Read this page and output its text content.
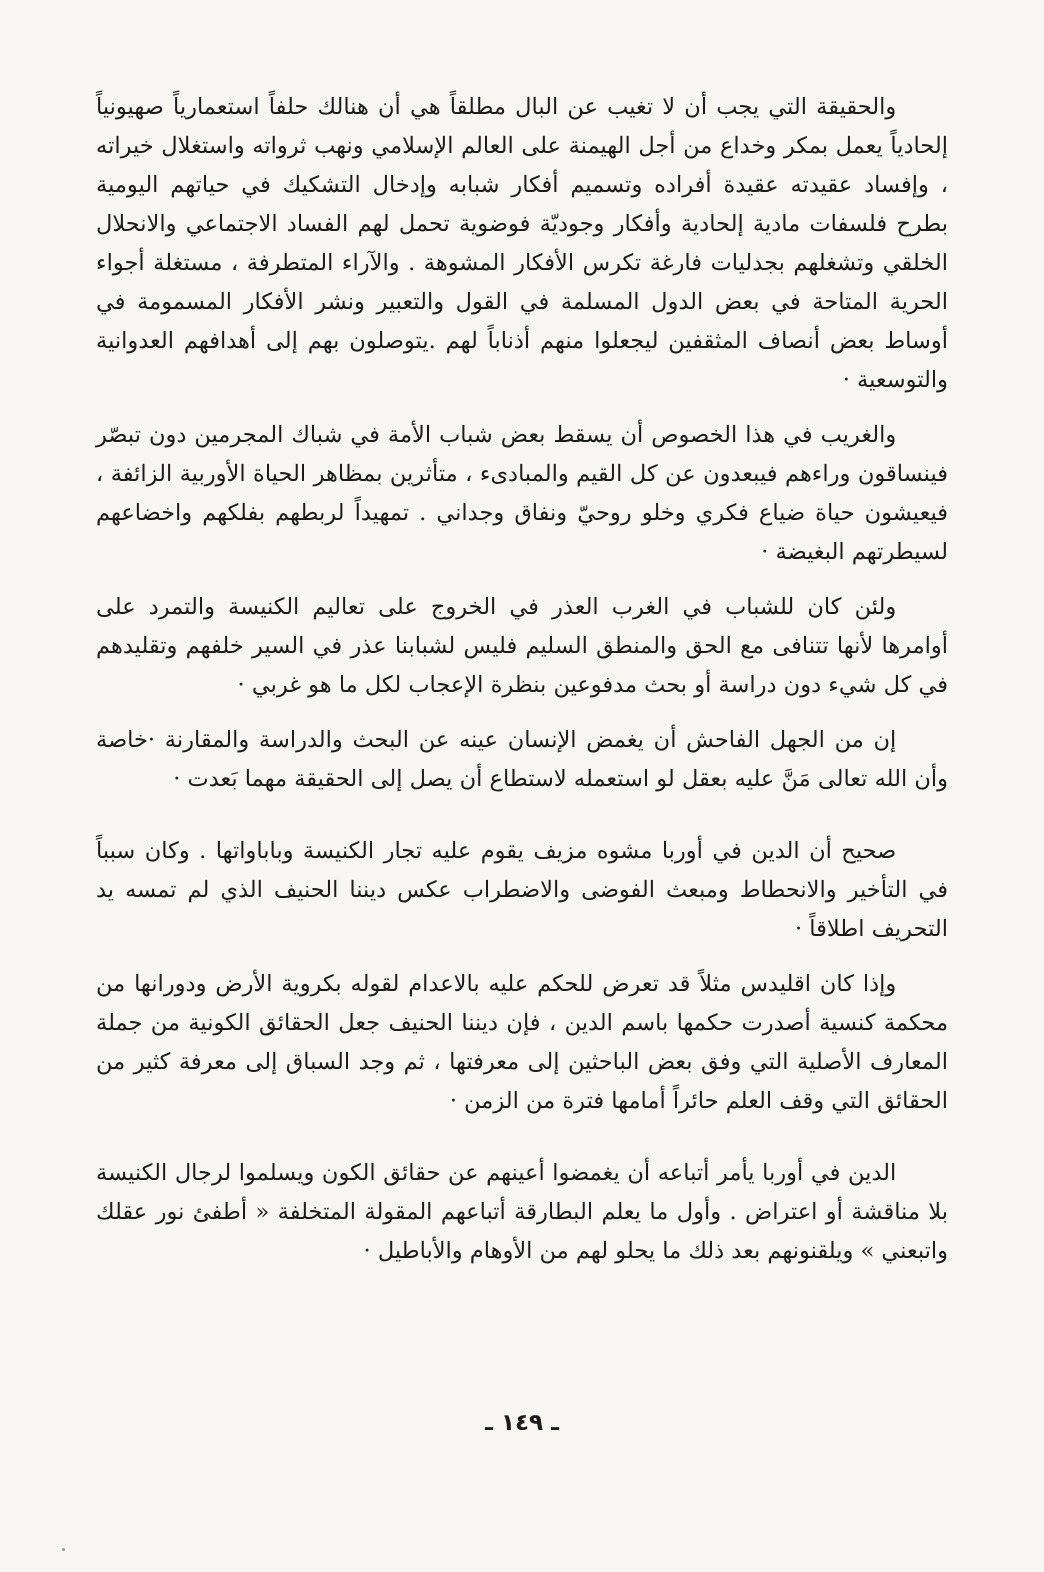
والحقيقة التي يجب أن لا تغيب عن البال مطلقاً هي أن هنالك حلفاً استعمارياً صهيونياً إلحادياً يعمل بمكر وخداع من أجل الهيمنة على العالم الإسلامي ونهب ثرواته واستغلال خيراته ، وإفساد عقيدته عقيدة أفراده وتسميم أفكار شبابه وإدخال التشكيك في حياتهم اليومية بطرح فلسفات مادية إلحادية وأفكار وجوديّة فوضوية تحمل لهم الفساد الاجتماعي والانحلال الخلقي وتشغلهم بجدليات فارغة تكرس الأفكار المشوهة . والآراء المتطرفة ، مستغلة أجواء الحرية المتاحة في بعض الدول المسلمة في القول والتعبير ونشر الأفكار المسمومة في أوساط بعض أنصاف المثقفين ليجعلوا منهم أذناباً لهم .يتوصلون بهم إلى أهدافهم العدوانية والتوسعية ·

والغريب في هذا الخصوص أن يسقط بعض شباب الأمة في شباك المجرمين دون تبصّر فينساقون وراءهم فيبعدون عن كل القيم والمبادىء ، متأثرين بمظاهر الحياة الأوربية الزائفة ، فيعيشون حياة ضياع فكري وخلو روحيّ ونفاق وجداني . تمهيداً لربطهم بفلكهم واخضاعهم لسيطرتهم البغيضة ·

ولئن كان للشباب في الغرب العذر في الخروج على تعاليم الكنيسة والتمرد على أوامرها لأنها تتنافى مع الحق والمنطق السليم فليس لشبابنا عذر في السير خلفهم وتقليدهم في كل شيء دون دراسة أو بحث مدفوعين بنظرة الإعجاب لكل ما هو غربي ·

إن من الجهل الفاحش أن يغمض الإنسان عينه عن البحث والدراسة والمقارنة ·خاصة وأن الله تعالى مَنَّ عليه بعقل لو استعمله لاستطاع أن يصل إلى الحقيقة مهما بَعدت ·

صحيح أن الدين في أوربا مشوه مزيف يقوم عليه تجار الكنيسة وباباواتها . وكان سبباً في التأخير والانحطاط ومبعث الفوضى والاضطراب عكس ديننا الحنيف الذي لم تمسه يد التحريف اطلاقاً ·

وإذا كان اقليدس مثلاً قد تعرض للحكم عليه بالاعدام لقوله بكروية الأرض ودورانها من محكمة كنسية أصدرت حكمها باسم الدين ، فإن ديننا الحنيف جعل الحقائق الكونية من جملة المعارف الأصلية التي وفق بعض الباحثين إلى معرفتها ، ثم وجد السباق إلى معرفة كثير من الحقائق التي وقف العلم حائراً أمامها فترة من الزمن ·

الدين في أوربا يأمر أتباعه أن يغمضوا أعينهم عن حقائق الكون ويسلموا لرجال الكنيسة بلا مناقشة أو اعتراض . وأول ما يعلم البطارقة أتباعهم المقولة المتخلفة « أطفئ نور عقلك واتبعني » ويلقنونهم بعد ذلك ما يحلو لهم من الأوهام والأباطيل ·

ـ ١٤٩ ـ
